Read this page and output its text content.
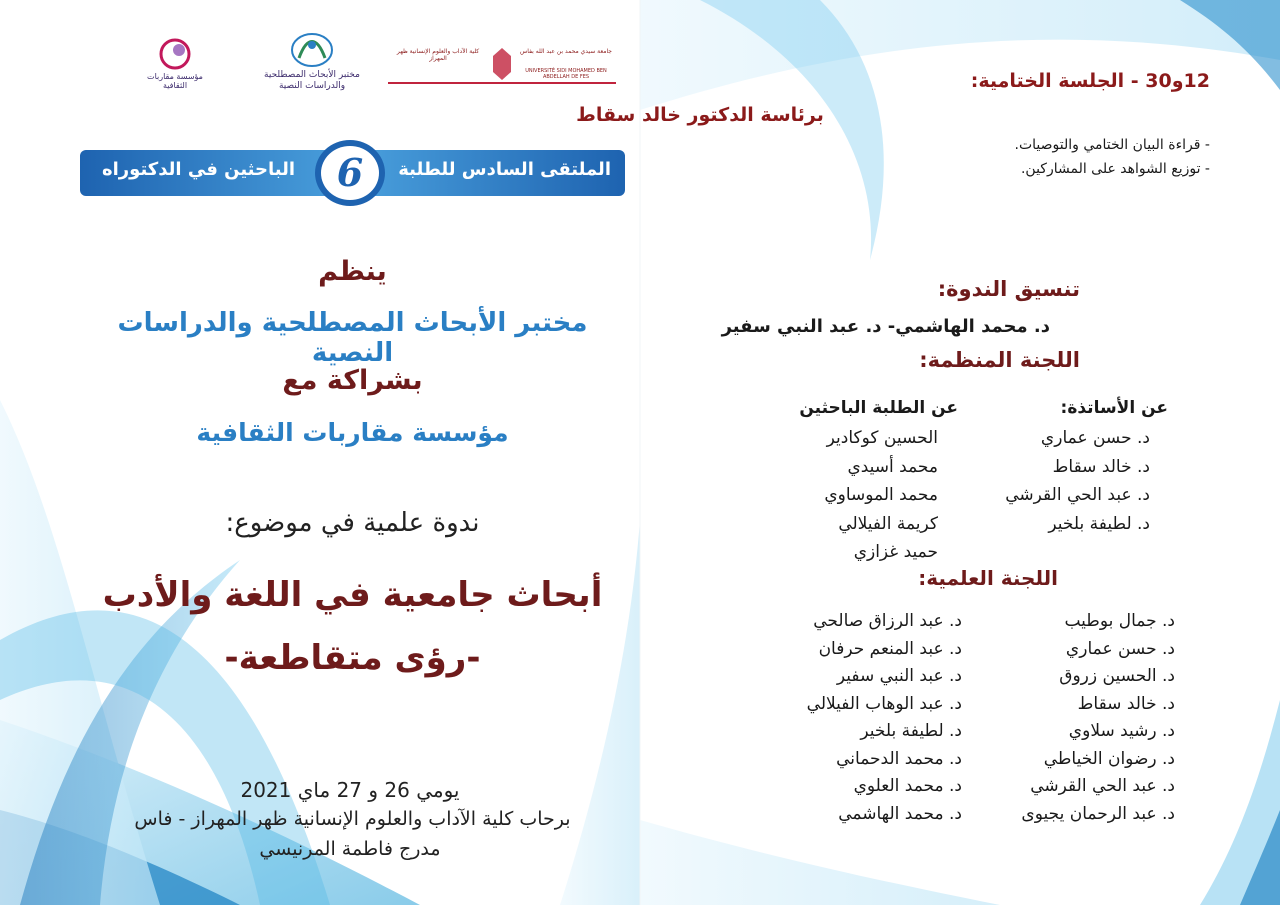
مؤسسة مقاربات الثقافية
مختبر الأبحاث المصطلحية والدراسات النصية
جامعة سيدي محمد بن عبد الله بفاس
كلية الآداب والعلوم الإنسانية ظهر المهراز
UNIVERSITÉ SIDI MOHAMED BEN ABDELLAH DE FES
الملتقى السادس للطلبة
الباحثين في الدكتوراه	6
ينظم
مختبر الأبحاث المصطلحية والدراسات النصية
بشراكة مع
مؤسسة مقاربات الثقافية
ندوة علمية في موضوع:
أبحاث جامعية في اللغة والأدب
-رؤى متقاطعة-
يومي 26 و 27 ماي 2021
برحاب كلية الآداب والعلوم الإنسانية ظهر المهراز - فاس
مدرج فاطمة المرنيسي
12و30 - الجلسة الختامية:
برئاسة الدكتور خالد سقاط
- قراءة البيان الختامي والتوصيات.
- توزيع الشواهد على المشاركين.
تنسيق الندوة:
د. محمد الهاشمي- د. عبد النبي سفير
اللجنة المنظمة:
عن الأساتذة:
د. حسن عماري
د. خالد سقاط
د. عبد الحي القرشي
د. لطيفة بلخير
عن الطلبة الباحثين
الحسين كوكادير
محمد أسيدي
محمد الموساوي
كريمة الفيلالي
حميد غزازي
اللجنة العلمية:
د. جمال بوطيب
د. حسن عماري
د. الحسين زروق
د. خالد سقاط
د. رشيد سلاوي
د. رضوان الخياطي
د. عبد الحي القرشي
د. عبد الرحمان يجيوى
د. عبد الرزاق صالحي
د. عبد المنعم حرفان
د. عبد النبي سفير
د. عبد الوهاب الفيلالي
د. لطيفة بلخير
د. محمد الدحماني
د. محمد العلوي
د. محمد الهاشمي
